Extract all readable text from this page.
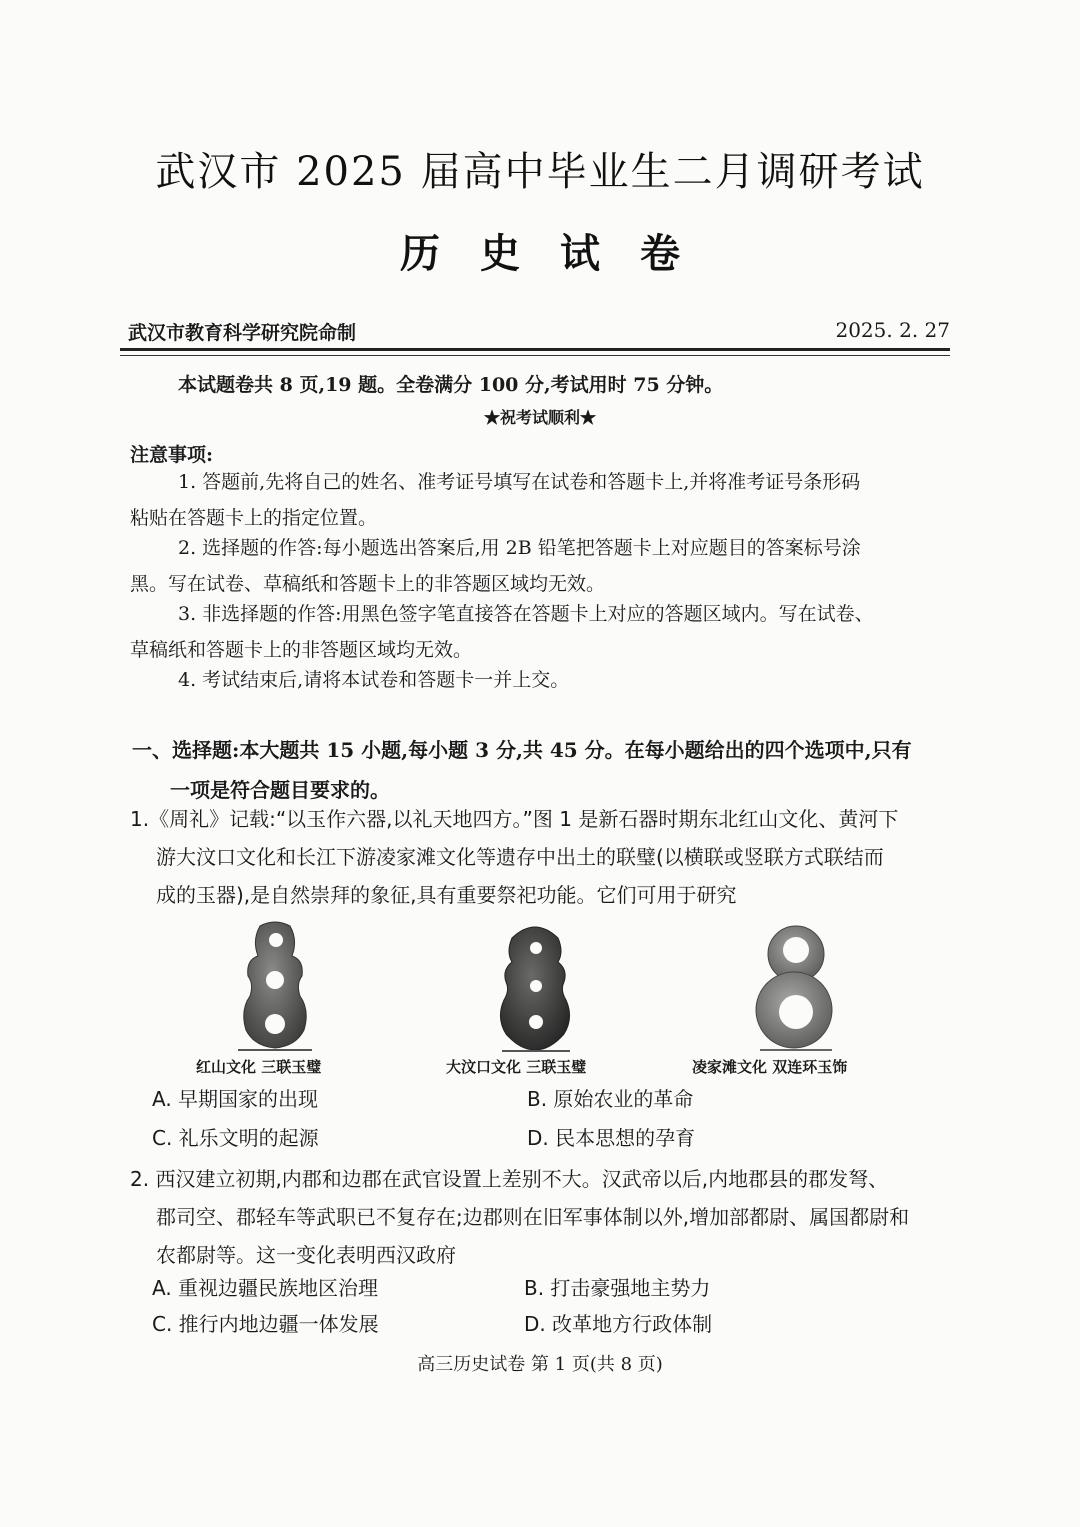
武汉市 2025 届高中毕业生二月调研考试
历史试卷
武汉市教育科学研究院命制	2025. 2. 27
本试题卷共 8 页,19 题。全卷满分 100 分,考试用时 75 分钟。
★祝考试顺利★
注意事项:
1. 答题前,先将自己的姓名、准考证号填写在试卷和答题卡上,并将准考证号条形码
粘贴在答题卡上的指定位置。
2. 选择题的作答:每小题选出答案后,用 2B 铅笔把答题卡上对应题目的答案标号涂
黑。写在试卷、草稿纸和答题卡上的非答题区域均无效。
3. 非选择题的作答:用黑色签字笔直接答在答题卡上对应的答题区域内。写在试卷、
草稿纸和答题卡上的非答题区域均无效。
4. 考试结束后,请将本试卷和答题卡一并上交。
一、选择题:本大题共 15 小题,每小题 3 分,共 45 分。在每小题给出的四个选项中,只有
一项是符合题目要求的。
1.《周礼》记载:“以玉作六器,以礼天地四方。”图 1 是新石器时期东北红山文化、黄河下
游大汶口文化和长江下游凌家滩文化等遗存中出土的联璧(以横联或竖联方式联结而
成的玉器),是自然崇拜的象征,具有重要祭祀功能。它们可用于研究
红山文化 三联玉璧	大汶口文化 三联玉璧	凌家滩文化 双连环玉饰
A. 早期国家的出现	B. 原始农业的革命
C. 礼乐文明的起源	D. 民本思想的孕育
2. 西汉建立初期,内郡和边郡在武官设置上差别不大。汉武帝以后,内地郡县的郡发弩、
郡司空、郡轻车等武职已不复存在;边郡则在旧军事体制以外,增加部都尉、属国都尉和
农都尉等。这一变化表明西汉政府
A. 重视边疆民族地区治理	B. 打击豪强地主势力
C. 推行内地边疆一体发展	D. 改革地方行政体制
高三历史试卷 第 1 页(共 8 页)
